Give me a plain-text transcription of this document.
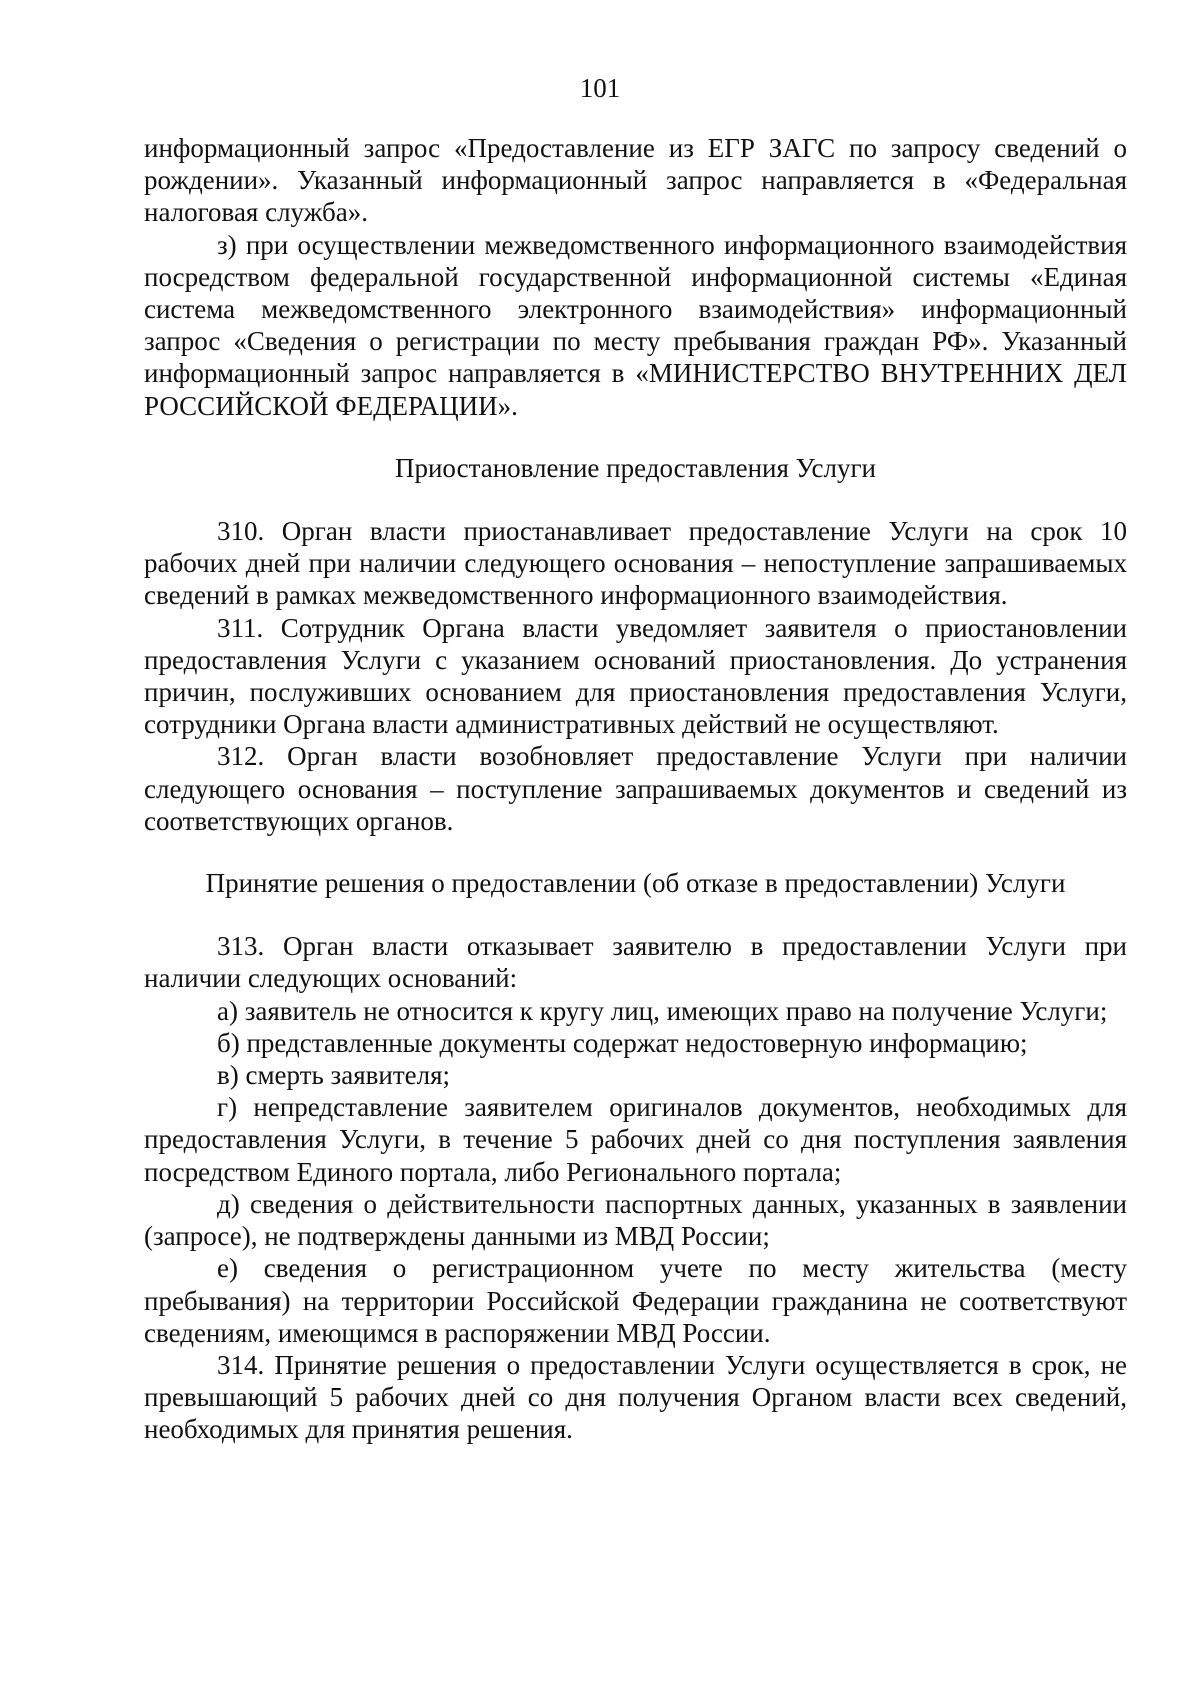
101

информационный запрос «Предоставление из ЕГР ЗАГС по запросу сведений о рождении». Указанный информационный запрос направляется в «Федеральная налоговая служба».

з) при осуществлении межведомственного информационного взаимодействия посредством федеральной государственной информационной системы «Единая система межведомственного электронного взаимодействия» информационный запрос «Сведения о регистрации по месту пребывания граждан РФ». Указанный информационный запрос направляется в «МИНИСТЕРСТВО ВНУТРЕННИХ ДЕЛ РОССИЙСКОЙ ФЕДЕРАЦИИ».

Приостановление предоставления Услуги

310. Орган власти приостанавливает предоставление Услуги на срок 10 рабочих дней при наличии следующего основания – непоступление запрашиваемых сведений в рамках межведомственного информационного взаимодействия.

311. Сотрудник Органа власти уведомляет заявителя о приостановлении предоставления Услуги с указанием оснований приостановления. До устранения причин, послуживших основанием для приостановления предоставления Услуги, сотрудники Органа власти административных действий не осуществляют.

312. Орган власти возобновляет предоставление Услуги при наличии следующего основания – поступление запрашиваемых документов и сведений из соответствующих органов.

Принятие решения о предоставлении (об отказе в предоставлении) Услуги

313. Орган власти отказывает заявителю в предоставлении Услуги при наличии следующих оснований:

а) заявитель не относится к кругу лиц, имеющих право на получение Услуги;

б) представленные документы содержат недостоверную информацию;

в) смерть заявителя;

г) непредставление заявителем оригиналов документов, необходимых для предоставления Услуги, в течение 5 рабочих дней со дня поступления заявления посредством Единого портала, либо Регионального портала;

д) сведения о действительности паспортных данных, указанных в заявлении (запросе), не подтверждены данными из МВД России;

е) сведения о регистрационном учете по месту жительства (месту пребывания) на территории Российской Федерации гражданина не соответствуют сведениям, имеющимся в распоряжении МВД России.

314. Принятие решения о предоставлении Услуги осуществляется в срок, не превышающий 5 рабочих дней со дня получения Органом власти всех сведений, необходимых для принятия решения.
